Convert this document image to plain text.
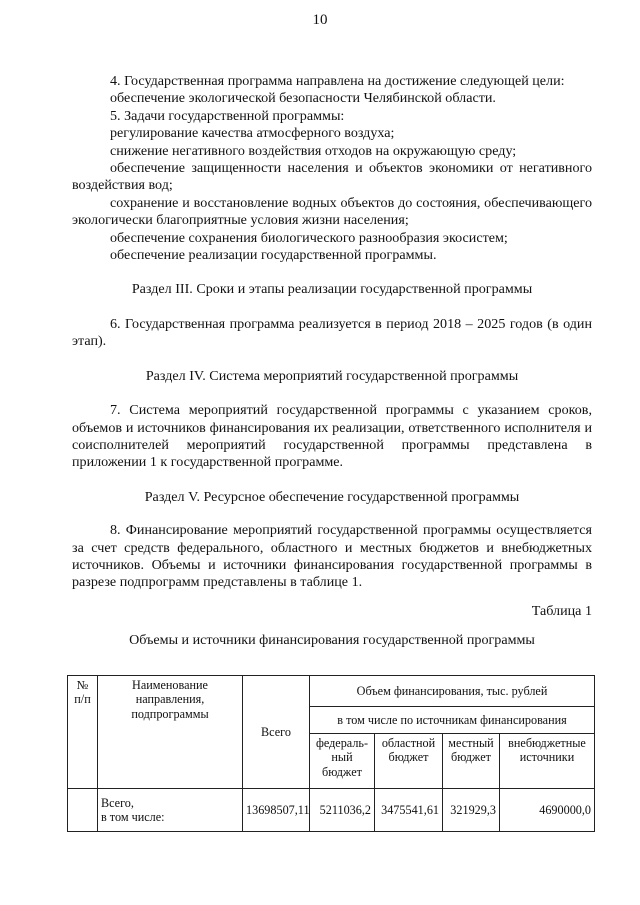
10

4. Государственная программа направлена на достижение следующей цели:

обеспечение экологической безопасности Челябинской области.

5. Задачи государственной программы:

регулирование качества атмосферного воздуха;

снижение негативного воздействия отходов на окружающую среду;

обеспечение защищенности населения и объектов экономики от негативного воздействия вод;

сохранение и восстановление водных объектов до состояния, обеспечивающего экологически благоприятные условия жизни населения;

обеспечение сохранения биологического разнообразия экосистем;

обеспечение реализации государственной программы.

Раздел III. Сроки и этапы реализации государственной программы

6. Государственная программа реализуется в период 2018 – 2025 годов (в один этап).

Раздел IV. Система мероприятий государственной программы

7. Система мероприятий государственной программы с указанием сроков, объемов и источников финансирования их реализации, ответственного исполнителя и соисполнителей мероприятий государственной программы представлена в приложении 1 к государственной программе.

Раздел V. Ресурсное обеспечение государственной программы

8. Финансирование мероприятий государственной программы осуществляется за счет средств федерального, областного и местных бюджетов и внебюджетных источников. Объемы и источники финансирования государственной программы в разрезе подпрограмм представлены в таблице 1.

Таблица 1

Объемы и источники финансирования государственной программы

№ п/п	Наименование направления, подпрограммы	Всего	Объем финансирования, тыс. рублей			
			в том числе по источникам финансирования			
			федераль-ный бюджет	областной бюджет	местный бюджет	внебюджетные источники

	Всего,
в том числе:	13698507,11	5211036,2	3475541,61	321929,3	4690000,0
